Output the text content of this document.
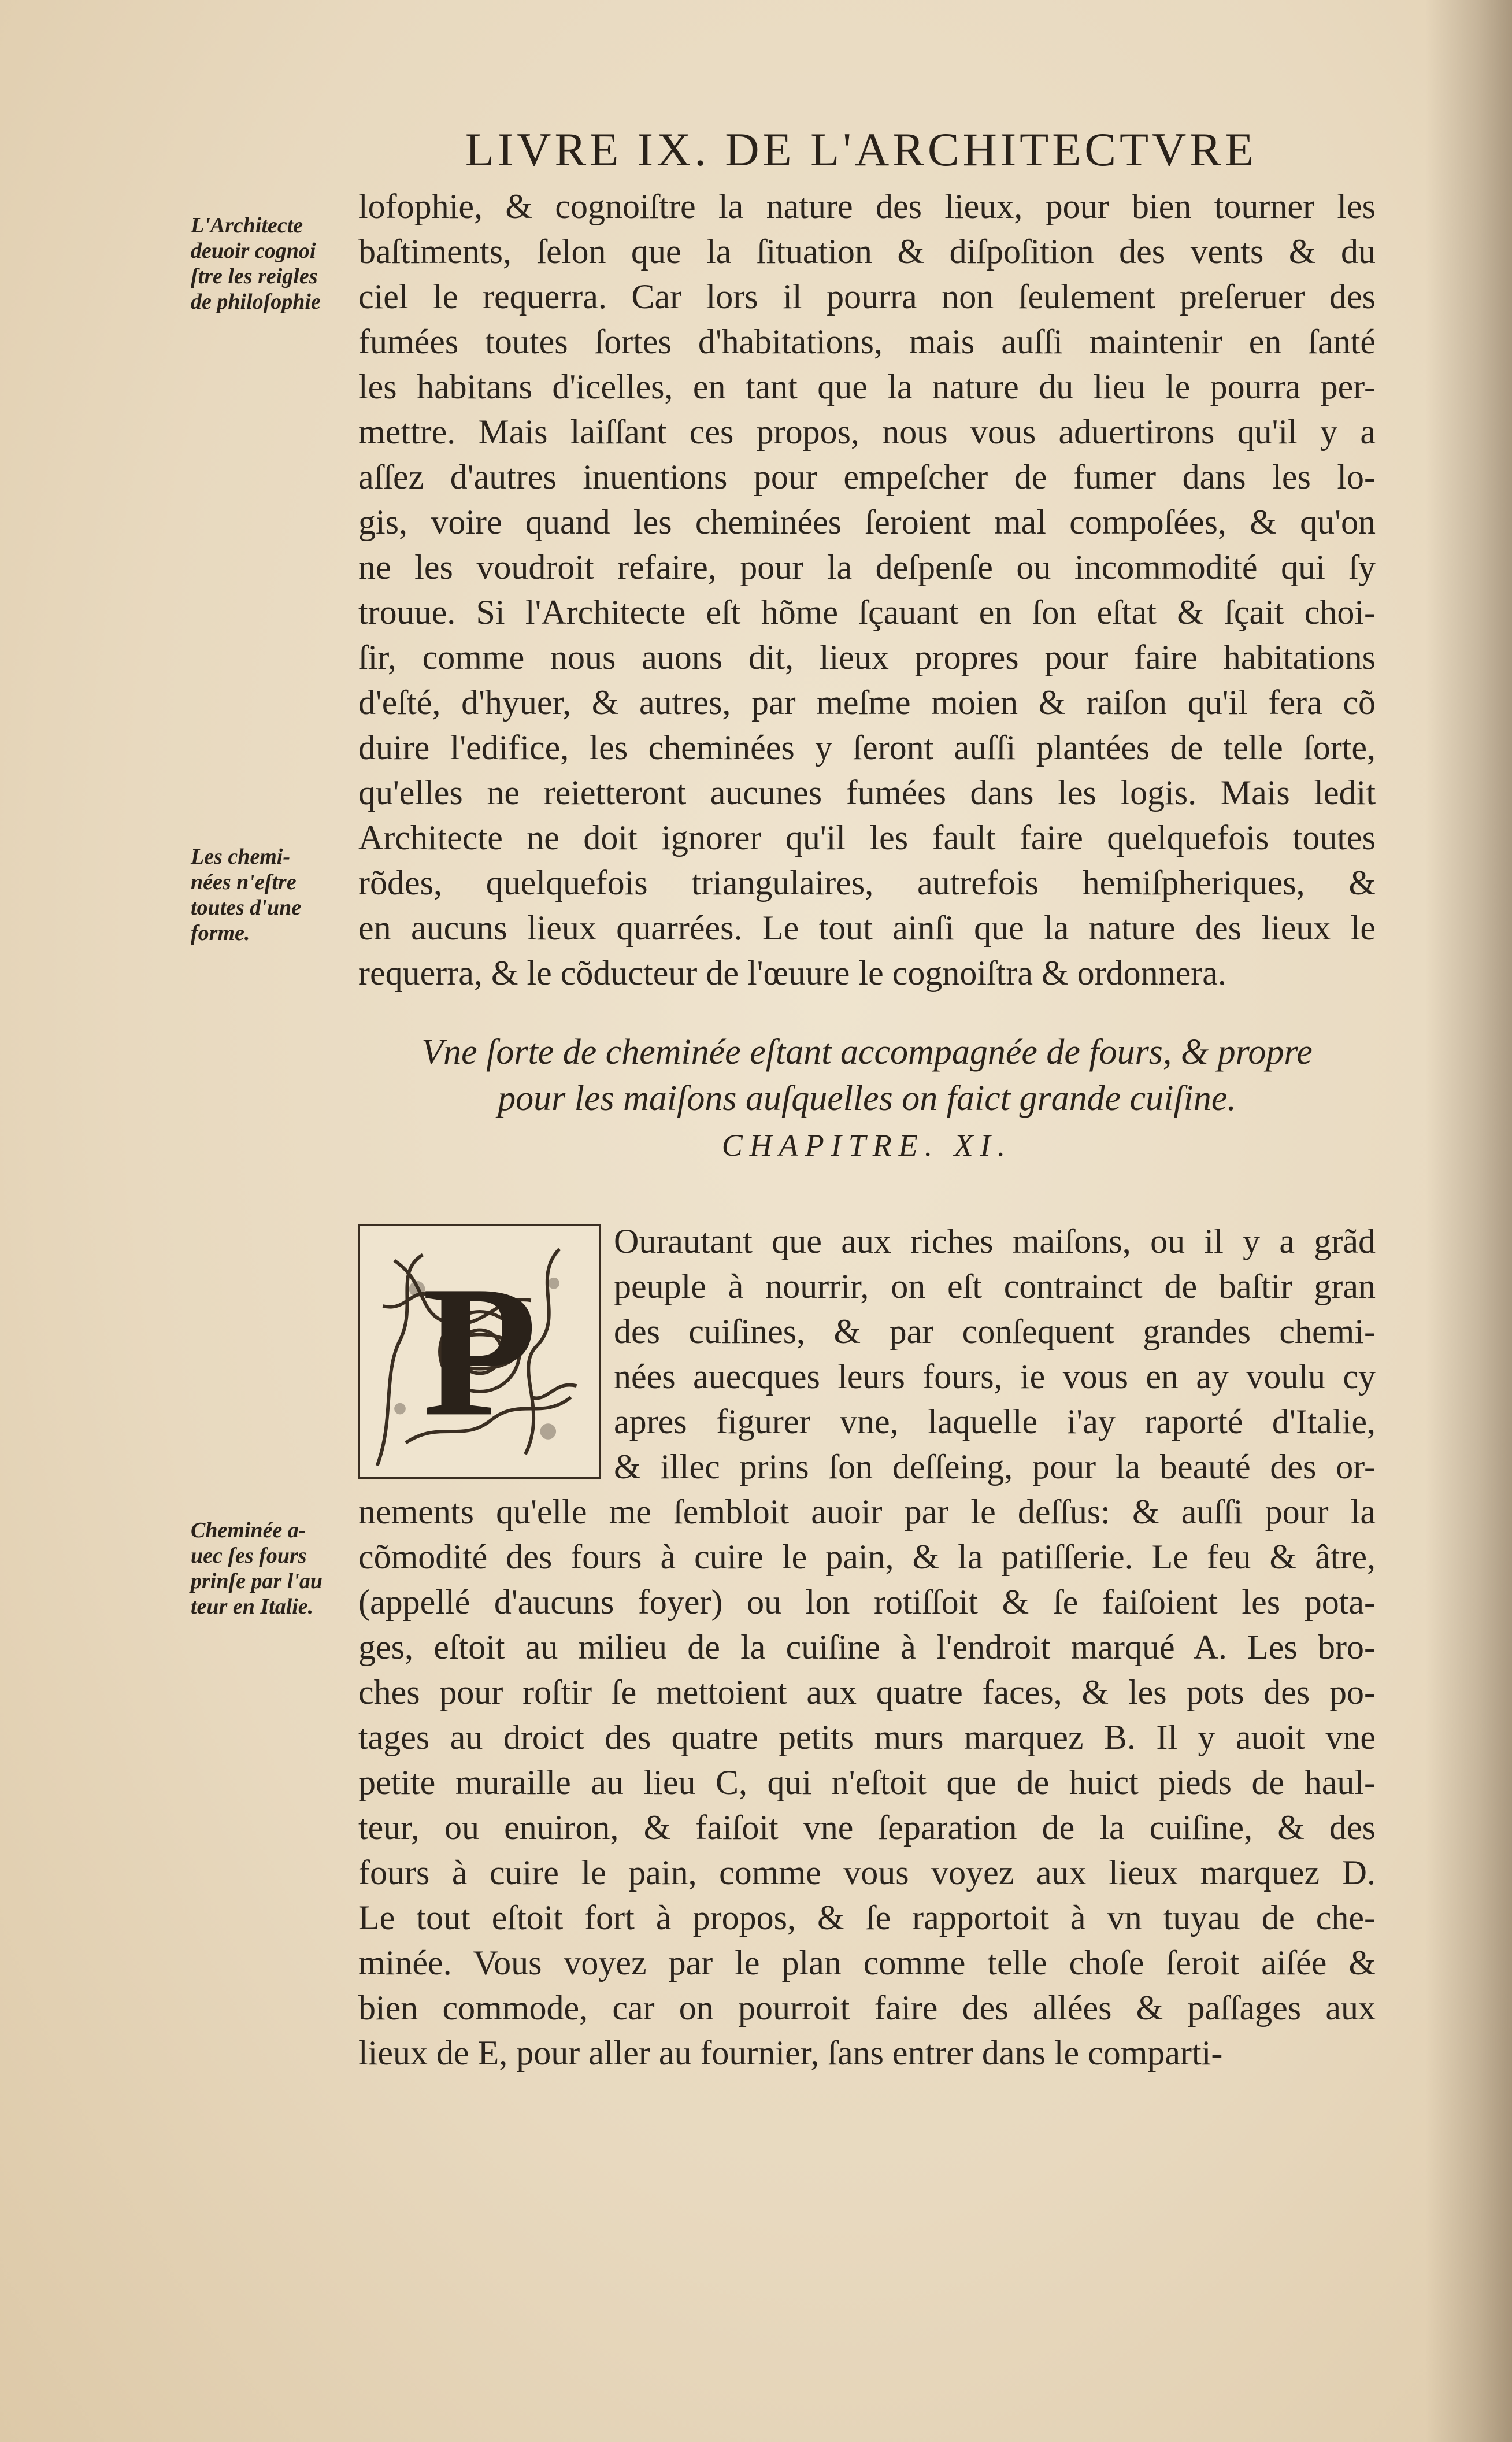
LIVRE IX. DE L'ARCHITECTVRE
lofophie, & cognoiſtre la nature des lieux, pour bien tourner les
baſtiments, ſelon que la ſituation & diſpoſition des vents & du
ciel le requerra. Car lors il pourra non ſeulement preſeruer des
fumées toutes ſortes d'habitations, mais auſſi maintenir en ſanté
les habitans d'icelles, en tant que la nature du lieu le pourra per-
mettre. Mais laiſſant ces propos, nous vous aduertirons qu'il y a
aſſez d'autres inuentions pour empeſcher de fumer dans les lo-
gis, voire quand les cheminées ſeroient mal compoſées, & qu'on
ne les voudroit refaire, pour la deſpenſe ou incommodité qui ſy
trouue. Si l'Architecte eſt hõme ſçauant en ſon eſtat & ſçait choi-
ſir, comme nous auons dit, lieux propres pour faire habitations
d'eſté, d'hyuer, & autres, par meſme moien & raiſon qu'il fera cõ
duire l'edifice, les cheminées y ſeront auſſi plantées de telle ſorte,
qu'elles ne reietteront aucunes fumées dans les logis. Mais ledit
Architecte ne doit ignorer qu'il les fault faire quelquefois toutes
rõdes, quelquefois triangulaires, autrefois hemiſpheriques, &
en aucuns lieux quarrées. Le tout ainſi que la nature des lieux le
requerra, & le cõducteur de l'œuure le cognoiſtra & ordonnera.
L'Architecte
deuoir cognoi
ſtre les reigles
de philoſophie
Les chemi-
nées n'eſtre
toutes d'une
forme.
Vne ſorte de cheminée eſtant accompagnée de fours, & propre
pour les maiſons auſquelles on faict grande cuiſine.
CHAPITRE. XI.
P
Ourautant que aux riches maiſons, ou il y a grãd
peuple à nourrir, on eſt contrainct de baſtir gran
des cuiſines, & par conſequent grandes chemi-
nées auecques leurs fours, ie vous en ay voulu cy
apres figurer vne, laquelle i'ay raporté d'Italie,
& illec prins ſon deſſeing, pour la beauté des or-
nements qu'elle me ſembloit auoir par le deſſus: & auſſi pour la
cõmodité des fours à cuire le pain, & la patiſſerie. Le feu & âtre,
(appellé d'aucuns foyer) ou lon rotiſſoit & ſe faiſoient les pota-
ges, eſtoit au milieu de la cuiſine à l'endroit marqué A. Les bro-
ches pour roſtir ſe mettoient aux quatre faces, & les pots des po-
tages au droict des quatre petits murs marquez B. Il y auoit vne
petite muraille au lieu C, qui n'eſtoit que de huict pieds de haul-
teur, ou enuiron, & faiſoit vne ſeparation de la cuiſine, & des
fours à cuire le pain, comme vous voyez aux lieux marquez D.
Le tout eſtoit fort à propos, & ſe rapportoit à vn tuyau de che-
minée. Vous voyez par le plan comme telle choſe ſeroit aiſée &
bien commode, car on pourroit faire des allées & paſſages aux
lieux de E, pour aller au fournier, ſans entrer dans le comparti-
Cheminée a-
uec ſes fours
prinſe par l'au
teur en Italie.
